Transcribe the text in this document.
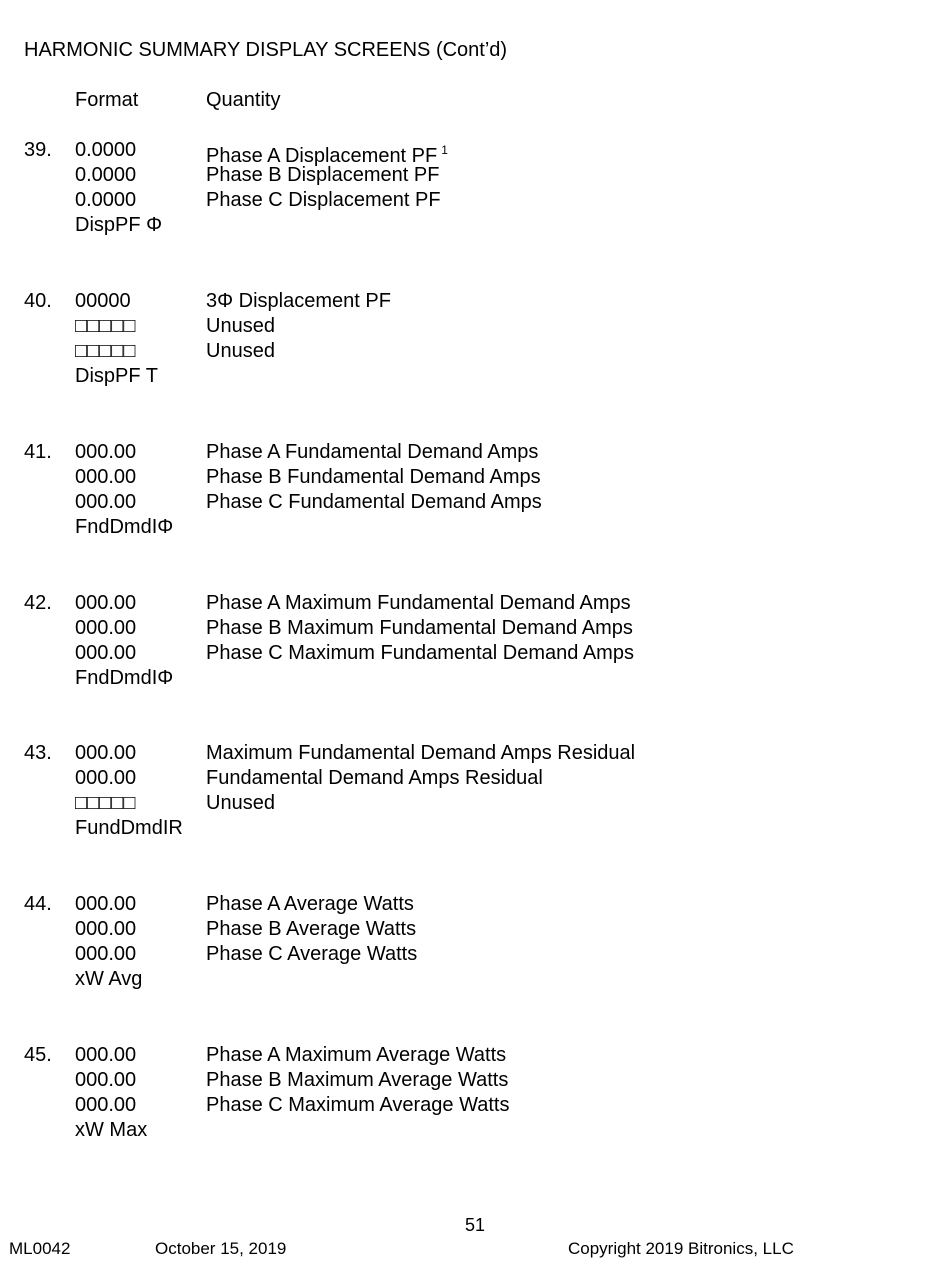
HARMONIC SUMMARY DISPLAY SCREENS (Cont’d)
Format	Quantity
39. 0.0000	Phase A Displacement PF $^1$
0.0000	Phase B Displacement PF
0.0000	Phase C Displacement PF
DispPF Φ
40. 00000	3Φ Displacement PF
□□□□□	Unused
□□□□□	Unused
DispPF T
41. 000.00	Phase A Fundamental Demand Amps
000.00	Phase B Fundamental Demand Amps
000.00	Phase C Fundamental Demand Amps
FndDmdIΦ
42. 000.00	Phase A Maximum Fundamental Demand Amps
000.00	Phase B Maximum Fundamental Demand Amps
000.00	Phase C Maximum Fundamental Demand Amps
FndDmdIΦ
43. 000.00	Maximum Fundamental Demand Amps Residual
000.00	Fundamental Demand Amps Residual
□□□□□	Unused
FundDmdIR
44. 000.00	Phase A Average Watts
000.00	Phase B Average Watts
000.00	Phase C Average Watts
xW Avg
45. 000.00	Phase A Maximum Average Watts
000.00	Phase B Maximum Average Watts
000.00	Phase C Maximum Average Watts
xW Max
51
ML0042	October 15, 2019	Copyright 2019 Bitronics, LLC
